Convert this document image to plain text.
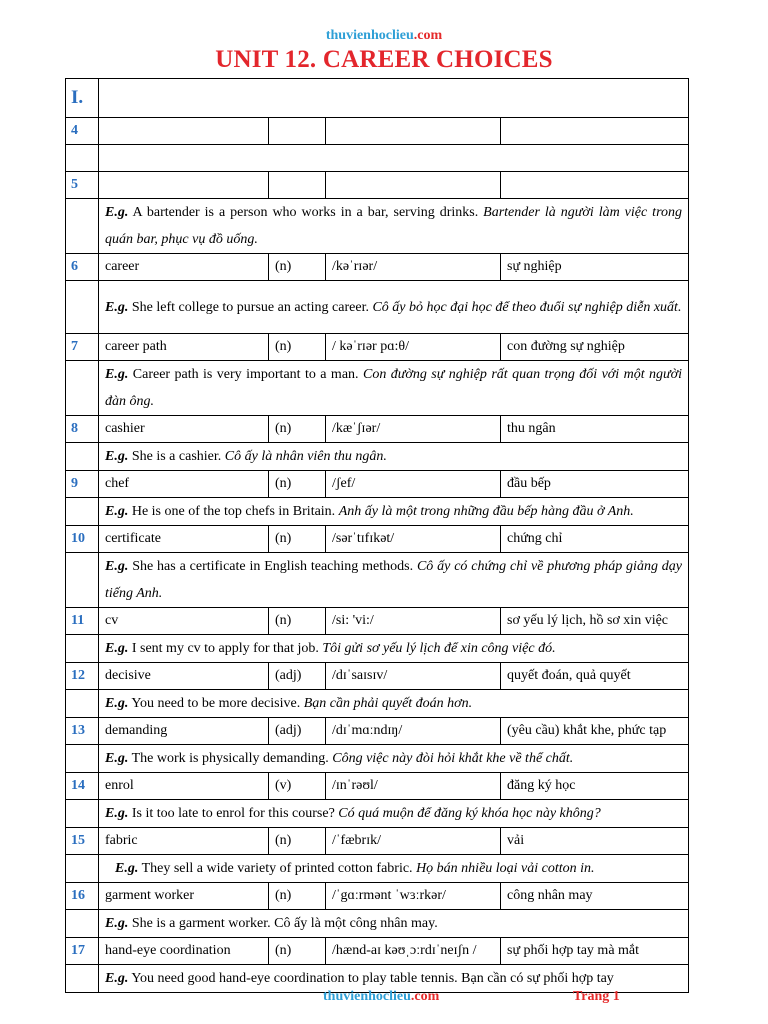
thuvienhoclieu.com
UNIT 12. CAREER CHOICES
I.				
4				

5				
	E.g. A bartender is a person who works in a bar, serving drinks. Bartender là người làm việc trong quán bar, phục vụ đồ uống.			
6	career	(n)	/kəˈrɪər/	sự nghiệp
	E.g. She left college to pursue an acting career. Cô ấy bỏ học đại học để theo đuổi sự nghiệp diễn xuất.			
7	career path	(n)	/ kəˈrɪər pɑ:θ/	con đường sự nghiệp
	E.g. Career path is very important to a man. Con đường sự nghiệp rất quan trọng đối với một người đàn ông.			
8	cashier	(n)	/kæˈʃɪər/	thu ngân
	E.g. She is a cashier. Cô ấy là nhân viên thu ngân.			
9	chef	(n)	/ʃef/	đầu bếp
	E.g. He is one of the top chefs in Britain. Anh ấy là một trong những đầu bếp hàng đầu ở Anh.			
10	certificate	(n)	/sərˈtɪfɪkət/	chứng chỉ
	E.g. She has a certificate in English teaching methods. Cô ấy có chứng chỉ về phương pháp giảng dạy tiếng Anh.			
11	cv	(n)	/si: 'vi:/	sơ yếu lý lịch, hồ sơ xin việc
	E.g. I sent my cv to apply for that job. Tôi gửi sơ yếu lý lịch để xin công việc đó.			
12	decisive	(adj)	/dɪˈsaɪsɪv/	quyết đoán, quả quyết
	E.g. You need to be more decisive. Bạn cần phải quyết đoán hơn.			
13	demanding	(adj)	/dɪˈmɑːndɪŋ/	(yêu cầu) khắt khe, phức tạp
	E.g. The work is physically demanding. Công việc này đòi hỏi khắt khe về thể chất.			
14	enrol	(v)	/ɪnˈrəʊl/	đăng ký học
	E.g. Is it too late to enrol for this course? Có quá muộn để đăng ký khóa học này không?			
15	fabric	(n)	/ˈfæbrɪk/	vải
	E.g. They sell a wide variety of printed cotton fabric. Họ bán nhiều loại vải cotton in.			
16	garment worker	(n)	/ˈgɑːrmənt ˈwɜːrkər/	công nhân may
	E.g. She is a garment worker. Cô ấy là một công nhân may.			
17	hand-eye coordination	(n)	/hænd-aɪ kəʊˌɔːrdɪˈneɪʃn /	sự phối hợp tay mà mắt
	E.g. You need good hand-eye coordination to play table tennis. Bạn cần có sự phối hợp tay			
thuvienhoclieu.com	Trang 1
